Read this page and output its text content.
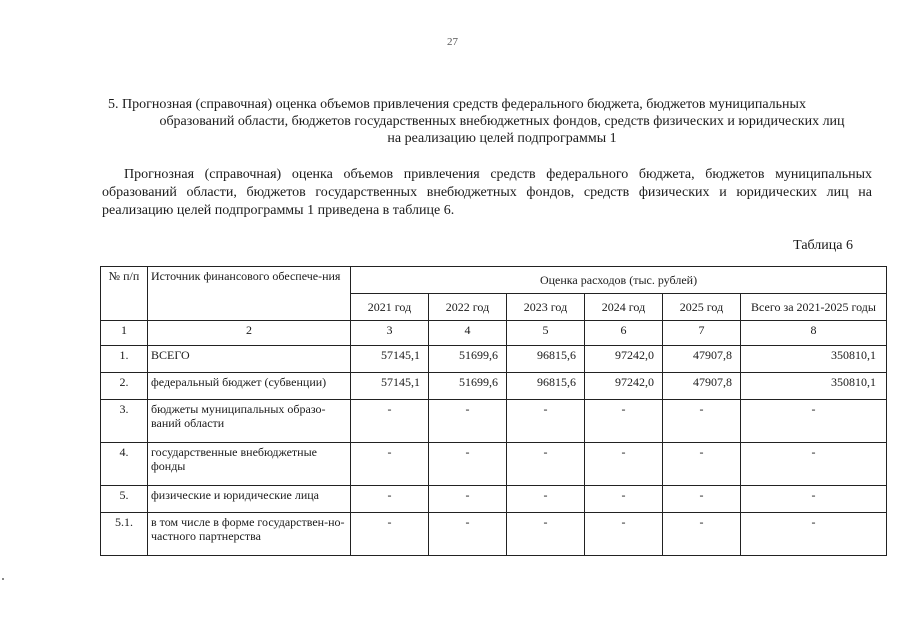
27
5. Прогнозная (справочная) оценка объемов привлечения средств федерального бюджета, бюджетов муниципальных
образований области, бюджетов государственных внебюджетных фондов, средств физических и юридических лиц
на реализацию целей подпрограммы 1
Прогнозная (справочная) оценка объемов привлечения средств федерального бюджета, бюджетов муниципальных образований области, бюджетов государственных внебюджетных фондов, средств физических и юридических лиц на реализацию целей подпрограммы 1 приведена в таблице 6.
Таблица 6
№ п/п	Источник финансового обеспече-ния	Оценка расходов (тыс. рублей)					
		2021 год	2022 год	2023 год	2024 год	2025 год	Всего за 2021-2025 годы
1	2	3	4	5	6	7	8
1.	ВСЕГО	57145,1	51699,6	96815,6	97242,0	47907,8	350810,1
2.	федеральный бюджет (субвенции)	57145,1	51699,6	96815,6	97242,0	47907,8	350810,1
3.	бюджеты муниципальных образо-ваний области	-	-	-	-	-	-
4.	государственные внебюджетные фонды	-	-	-	-	-	-
5.	физические и юридические лица	-	-	-	-	-	-
5.1.	в том числе в форме государствен-но-частного партнерства	-	-	-	-	-	-
